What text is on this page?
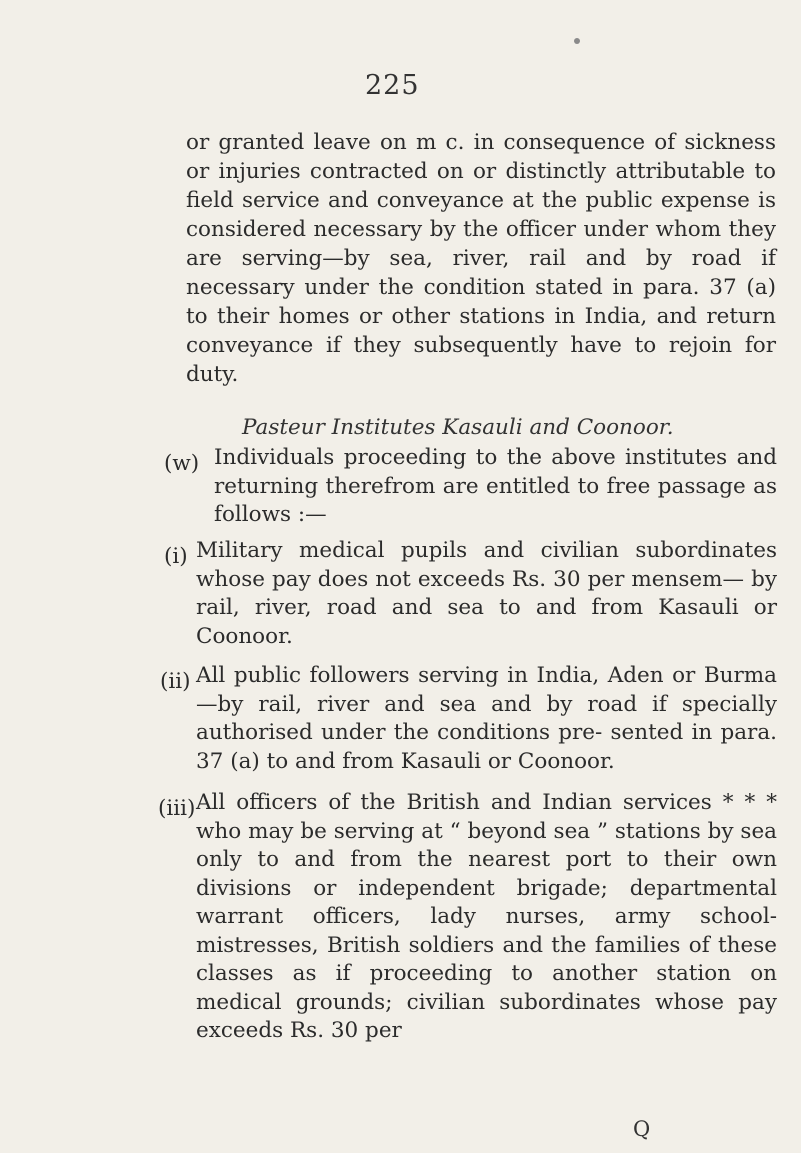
225

or granted leave on m c. in consequence of sickness or injuries contracted on or distinctly attributable to field service and conveyance at the public expense is considered necessary by the officer under whom they are serving—by sea, river, rail and by road if necessary under the condition stated in para. 37 (a) to their homes or other stations in India, and return conveyance if they subsequently have to rejoin for duty.

Pasteur Institutes Kasauli and Coonoor.
(w) Individuals proceeding to the above institutes and returning therefrom are entitled to free passage as follows :—

(i) Military medical pupils and civilian subordinates whose pay does not exceeds Rs. 30 per mensem— by rail, river, road and sea to and from Kasauli or Coonoor.

(ii) All public followers serving in India, Aden or Burma—by rail, river and sea and by road if specially authorised under the conditions pre- sented in para. 37 (a) to and from Kasauli or Coonoor.

(iii) All officers of the British and Indian services * * * who may be serving at “ beyond sea ” stations by sea only to and from the nearest port to their own divisions or independent brigade; departmental warrant officers, lady nurses, army school-mistresses, British soldiers and the families of these classes as if proceeding to another station on medical grounds; civilian subordinates whose pay exceeds Rs. 30 per

Q
